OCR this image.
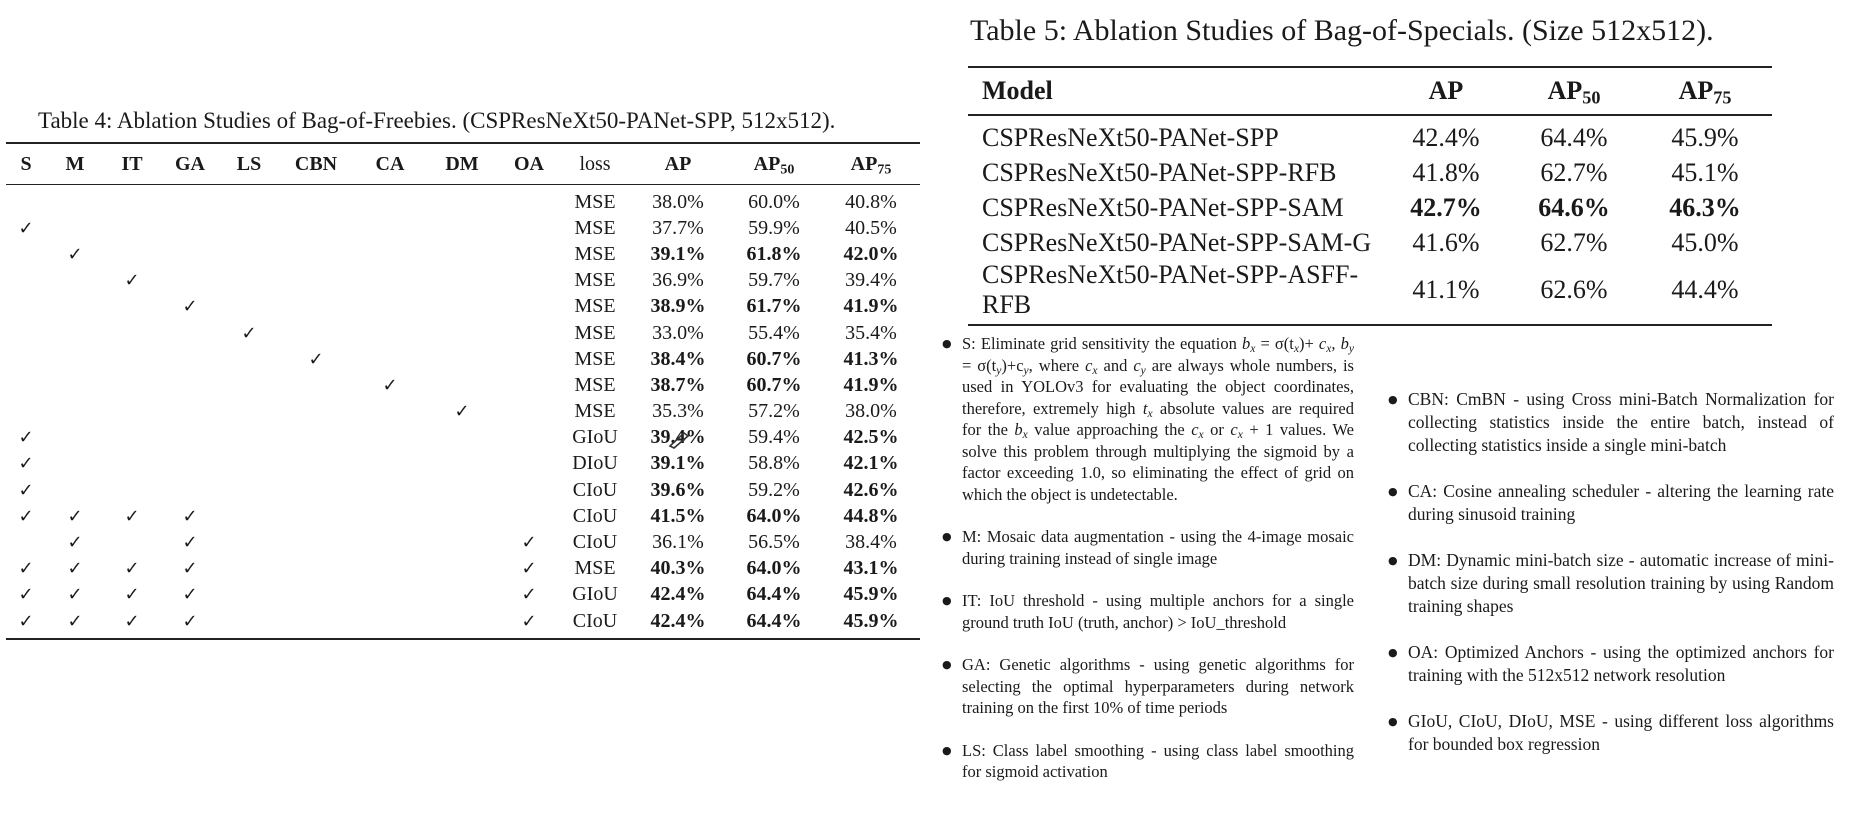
Table 4: Ablation Studies of Bag-of-Freebies. (CSPResNeXt50-PANet-SPP, 512x512).
S	M	IT	GA	LS	CBN	CA	DM	OA	loss	AP	$AP_{50}$	$AP_{75}$
									MSE	38.0%	60.0%	40.8%
✓									MSE	37.7%	59.9%	40.5%
	✓								MSE	39.1%	61.8%	42.0%
		✓							MSE	36.9%	59.7%	39.4%
			✓						MSE	38.9%	61.7%	41.9%
				✓					MSE	33.0%	55.4%	35.4%
					✓				MSE	38.4%	60.7%	41.3%
						✓			MSE	38.7%	60.7%	41.9%
							✓		MSE	35.3%	57.2%	38.0%
✓									GIoU	39.4%	59.4%	42.5%
✓									DIoU	39.1%	58.8%	42.1%
✓									CIoU	39.6%	59.2%	42.6%
✓	✓	✓	✓						CIoU	41.5%	64.0%	44.8%
	✓		✓					✓	CIoU	36.1%	56.5%	38.4%
✓	✓	✓	✓					✓	MSE	40.3%	64.0%	43.1%
✓	✓	✓	✓					✓	GIoU	42.4%	64.4%	45.9%
✓	✓	✓	✓					✓	CIoU	42.4%	64.4%	45.9%
Table 5: Ablation Studies of Bag-of-Specials. (Size 512x512).
Model	AP	$AP_{50}$	$AP_{75}$
CSPResNeXt50-PANet-SPP	42.4%	64.4%	45.9%
CSPResNeXt50-PANet-SPP-RFB	41.8%	62.7%	45.1%
CSPResNeXt50-PANet-SPP-SAM	42.7%	64.6%	46.3%
CSPResNeXt50-PANet-SPP-SAM-G	41.6%	62.7%	45.0%
CSPResNeXt50-PANet-SPP-ASFF-RFB	41.1%	62.6%	44.4%
● S: Eliminate grid sensitivity the equation $b_x = \sigma(t_x)+ c_x$, $b_y = \sigma(t_y)+c_y$, where $c_x$ and $c_y$ are always whole numbers, is used in YOLOv3 for evaluating the object coordinates, therefore, extremely high $t_x$ absolute values are required for the $b_x$ value approaching the $c_x$ or $c_x + 1$ values. We solve this problem through multiplying the sigmoid by a factor exceeding 1.0, so eliminating the effect of grid on which the object is undetectable.
● M: Mosaic data augmentation - using the 4-image mosaic during training instead of single image
● IT: IoU threshold - using multiple anchors for a single ground truth IoU (truth, anchor) > IoU_threshold
● GA: Genetic algorithms - using genetic algorithms for selecting the optimal hyperparameters during network training on the first 10% of time periods
● LS: Class label smoothing - using class label smoothing for sigmoid activation
● CBN: CmBN - using Cross mini-Batch Normalization for collecting statistics inside the entire batch, instead of collecting statistics inside a single mini-batch
● CA: Cosine annealing scheduler - altering the learning rate during sinusoid training
● DM: Dynamic mini-batch size - automatic increase of mini-batch size during small resolution training by using Random training shapes
● OA: Optimized Anchors - using the optimized anchors for training with the 512x512 network resolution
● GIoU, CIoU, DIoU, MSE - using different loss algorithms for bounded box regression
